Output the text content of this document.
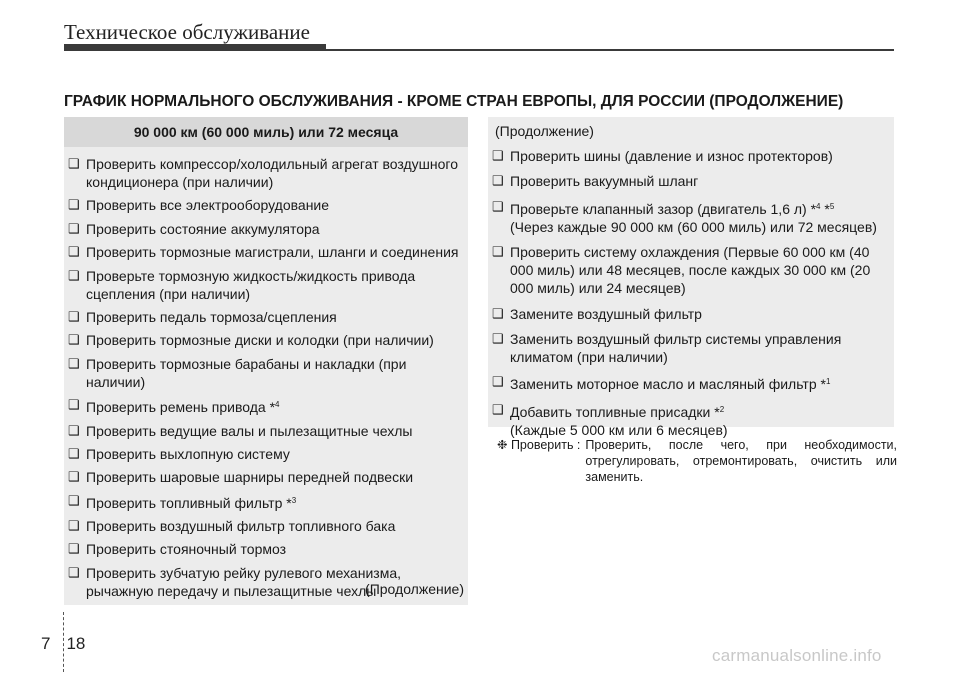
Техническое обслуживание
ГРАФИК НОРМАЛЬНОГО ОБСЛУЖИВАНИЯ - КРОМЕ СТРАН ЕВРОПЫ, ДЛЯ РОССИИ (ПРОДОЛЖЕНИЕ)
90 000 км (60 000 миль) или 72 месяца
❑ Проверить компрессор/холодильный агрегат воздушного кондиционера (при наличии)
❑ Проверить все электрооборудование
❑ Проверить состояние аккумулятора
❑ Проверить тормозные магистрали, шланги и соединения
❑ Проверьте тормозную жидкость/жидкость привода сцепления (при наличии)
❑ Проверить педаль тормоза/сцепления
❑ Проверить тормозные диски и колодки (при наличии)
❑ Проверить тормозные барабаны и накладки (при наличии)
❑ Проверить ремень привода *$^4$
❑ Проверить ведущие валы и пылезащитные чехлы
❑ Проверить выхлопную систему
❑ Проверить шаровые шарниры передней подвески
❑ Проверить топливный фильтр *$^3$
❑ Проверить воздушный фильтр топливного бака
❑ Проверить стояночный тормоз
❑ Проверить зубчатую рейку рулевого механизма, рычажную передачу и пылезащитные чехлы
(Продолжение)
(Продолжение)
❑ Проверить шины (давление и износ протекторов)
❑ Проверить вакуумный шланг
❑ Проверьте клапанный зазор (двигатель 1,6 л) *$^4$ *$^5$
(Через каждые 90 000 км (60 000 миль) или 72 месяцев)
❑ Проверить систему охлаждения (Первые 60 000 км (40 000 миль) или 48 месяцев, после каждых 30 000 км (20 000 миль) или 24 месяцев)
❑ Замените воздушный фильтр
❑ Заменить воздушный фильтр системы управления климатом (при наличии)
❑ Заменить моторное масло и масляный фильтр *$^1$
❑ Добавить топливные присадки *$^2$
(Каждые 5 000 км или 6 месяцев)
❉ Проверить : Проверить, после чего, при необходимости, отрегулировать, отремонтировать, очистить или заменить.
7 18
carmanualsonline.info
